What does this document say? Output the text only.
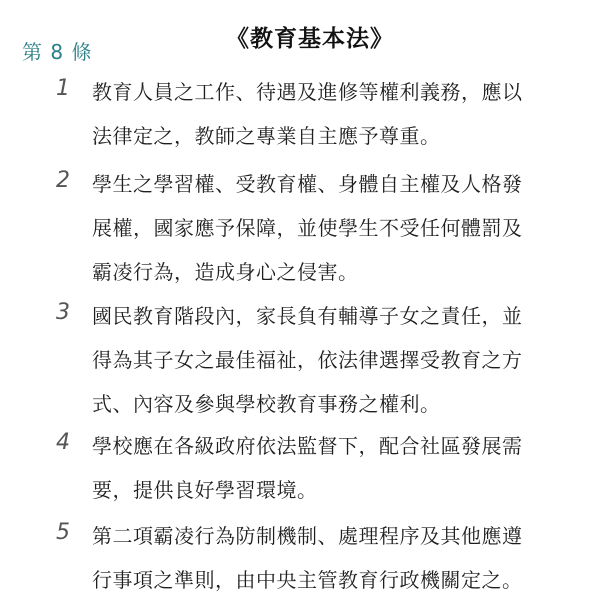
第 8 條	《教育基本法》
1 教育人員之工作、待遇及進修等權利義務，應以
法律定之，教師之專業自主應予尊重。
2 學生之學習權、受教育權、身體自主權及人格發
展權，國家應予保障，並使學生不受任何體罰及
霸凌行為，造成身心之侵害。
3 國民教育階段內，家長負有輔導子女之責任，並
得為其子女之最佳福祉，依法律選擇受教育之方
式、內容及參與學校教育事務之權利。
4 學校應在各級政府依法監督下，配合社區發展需
要，提供良好學習環境。
5 第二項霸凌行為防制機制、處理程序及其他應遵
行事項之準則，由中央主管教育行政機關定之。
